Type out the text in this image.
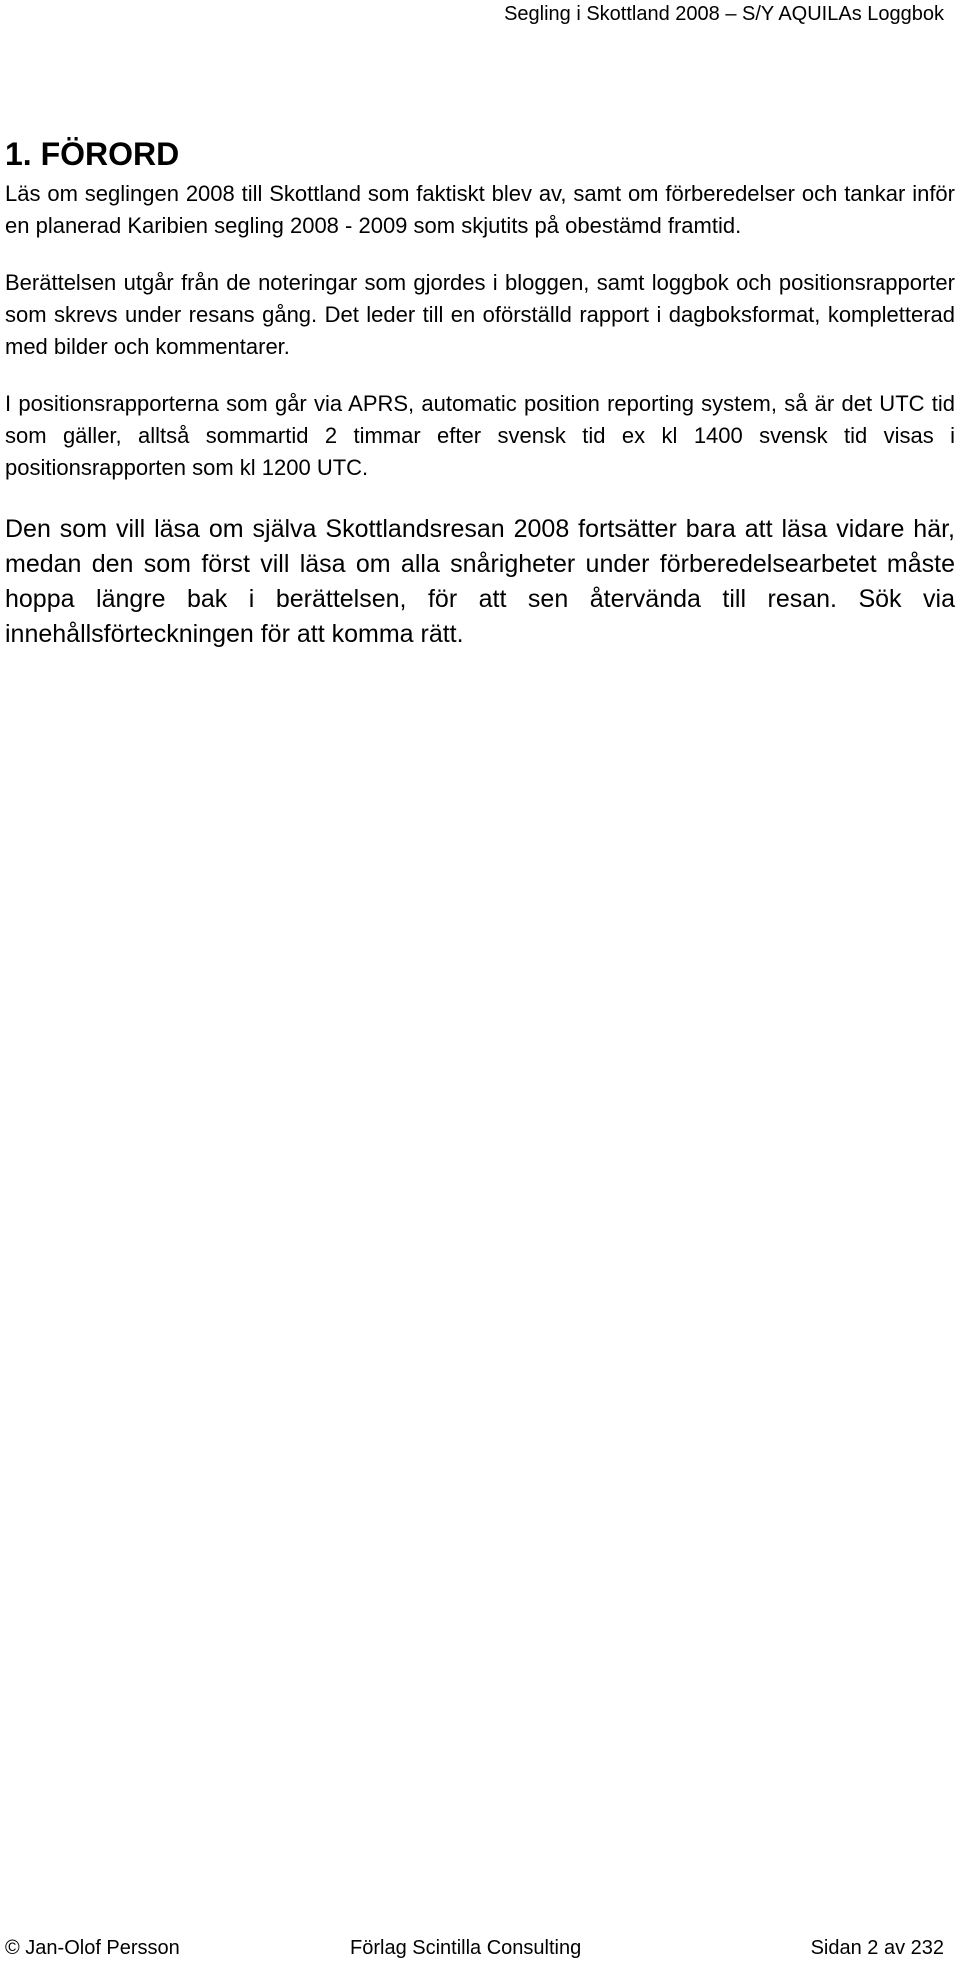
Segling i Skottland 2008 – S/Y AQUILAs Loggbok
1. FÖRORD

Läs om seglingen 2008 till Skottland som faktiskt blev av, samt om förberedelser och tankar inför en planerad Karibien segling 2008 - 2009 som skjutits på obestämd framtid.

Berättelsen utgår från de noteringar som gjordes i bloggen, samt loggbok och positionsrapporter som skrevs under resans gång. Det leder till en oförställd rapport i dagboksformat, kompletterad med bilder och kommentarer.

I positionsrapporterna som går via APRS, automatic position reporting system, så är det UTC tid som gäller, alltså sommartid 2 timmar efter svensk tid ex kl 1400 svensk tid visas i positionsrapporten som kl 1200 UTC.

Den som vill läsa om själva Skottlandsresan 2008 fortsätter bara att läsa vidare här, medan den som först vill läsa om alla snårigheter under förberedelsearbetet måste hoppa längre bak i berättelsen, för att sen återvända till resan. Sök via innehållsförteckningen för att komma rätt.

© Jan-Olof Persson	Förlag Scintilla Consulting	Sidan 2 av 232
